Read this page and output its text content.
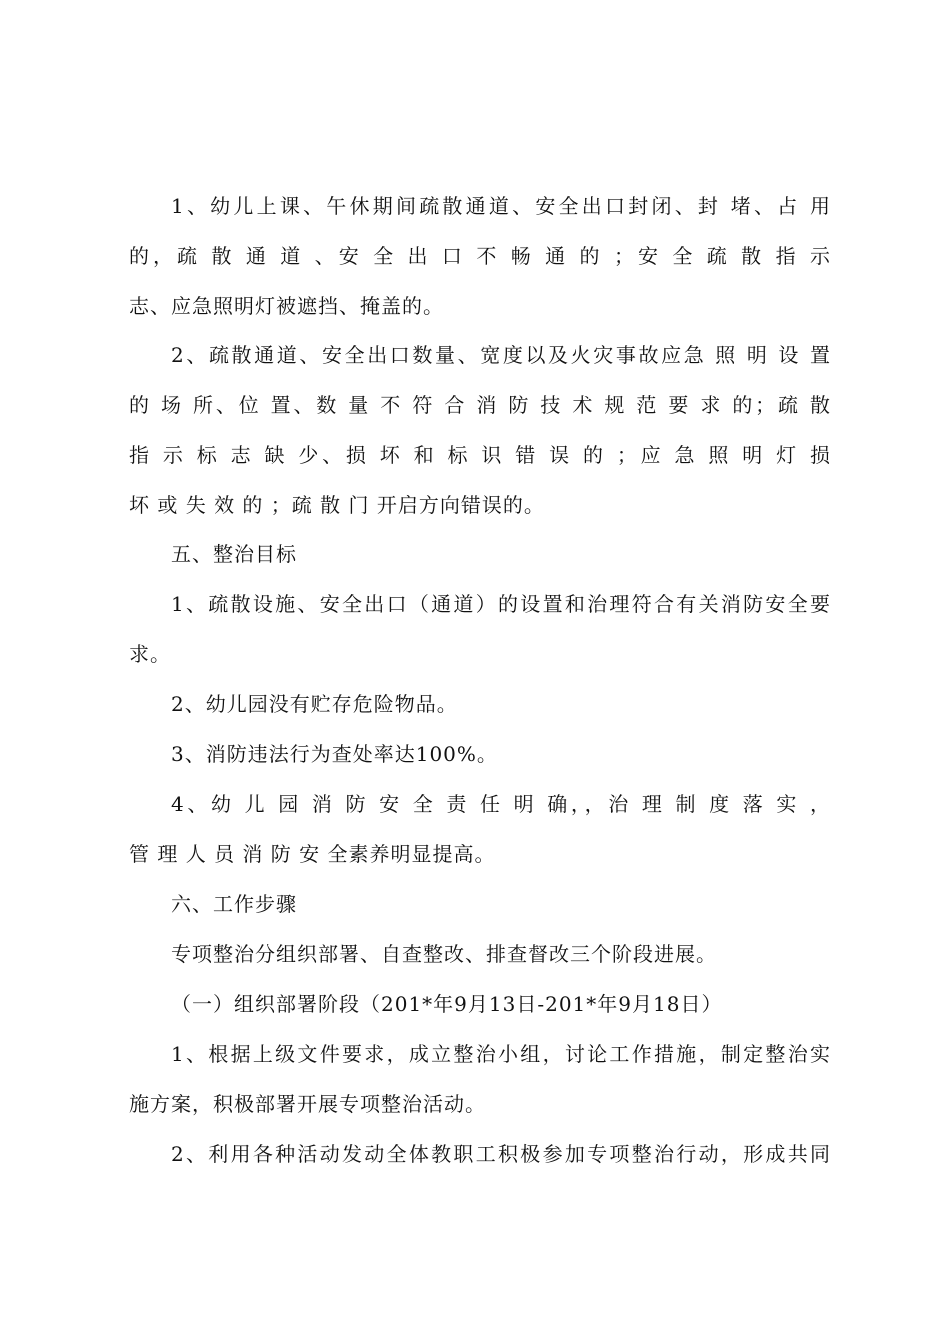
1、幼儿上课、午休期间疏散通道、安全出口封闭、封 堵、占 用
的，疏 散 通 道 、安 全 出 口 不 畅 通 的 ；安 全 疏 散 指 示
志、应急照明灯被遮挡、掩盖的。
2、疏散通道、安全出口数量、宽度以及火灾事故应急 照 明 设 置
的 场 所、位 置、数 量 不 符 合 消 防 技 术 规 范 要 求 的；疏 散
指 示 标 志 缺 少、损 坏 和 标 识 错 误 的 ；应 急 照 明 灯 损
坏 或 失 效 的 ；疏 散 门 开启方向错误的。
五、整治目标
1、疏散设施、安全出口（通道）的设置和治理符合有关消防安全要
求。
2、幼儿园没有贮存危险物品。
3、消防违法行为查处率达100%。
4、幼 儿 园 消 防 安 全 责 任 明 确，，治 理 制 度 落 实 ，
管 理 人 员 消 防 安 全素养明显提高。
六、工作步骤
专项整治分组织部署、自查整改、排查督改三个阶段进展。
（一）组织部署阶段（201*年9月13日-201*年9月18日）
1、根据上级文件要求，成立整治小组，讨论工作措施，制定整治实
施方案，积极部署开展专项整治活动。
2、利用各种活动发动全体教职工积极参加专项整治行动，形成共同
